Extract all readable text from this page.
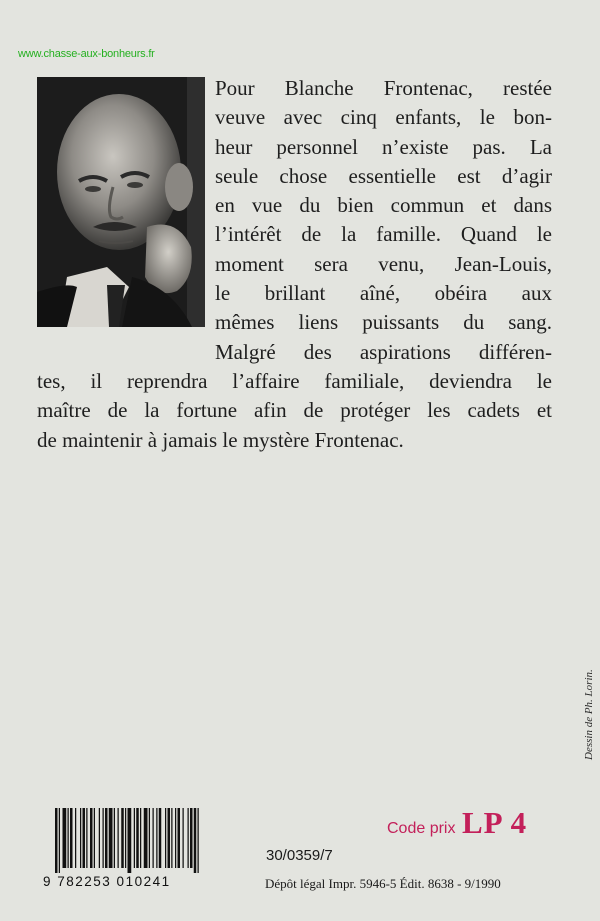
www.chasse-aux-bonheurs.fr
Pour Blanche Frontenac, restée
veuve avec cinq enfants, le bon-
heur personnel n’existe pas. La
seule chose essentielle est d’agir
en vue du bien commun et dans
l’intérêt de la famille. Quand le
moment sera venu, Jean-Louis,
le brillant aîné, obéira aux
mêmes liens puissants du sang.
Malgré des aspirations différen-
tes, il reprendra l’affaire familiale, deviendra le
maître de la fortune afin de protéger les cadets et
de maintenir à jamais le mystère Frontenac.
Dessin de Ph. Lorin.
Code prix LP 4
9 782253 010241
30/0359/7
Dépôt légal Impr. 5946-5 Édit. 8638 - 9/1990
